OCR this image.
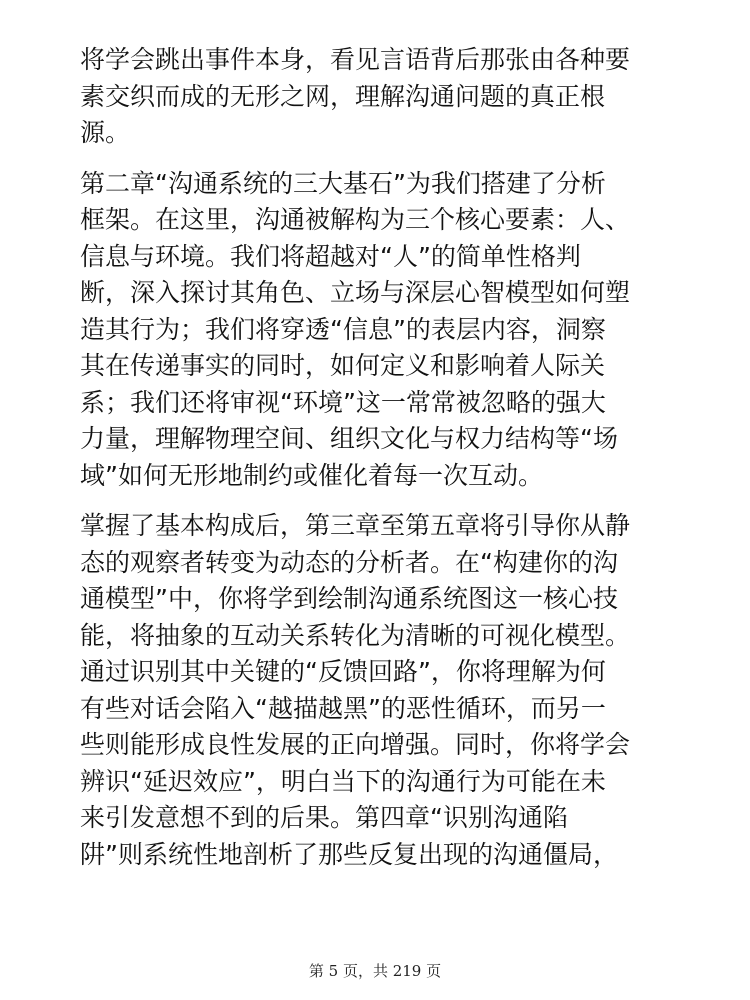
将学会跳出事件本身，看见言语背后那张由各种要
素交织而成的无形之网，理解沟通问题的真正根
源。

第二章“沟通系统的三大基石”为我们搭建了分析
框架。在这里，沟通被解构为三个核心要素：人、
信息与环境。我们将超越对“人”的简单性格判
断，深入探讨其角色、立场与深层心智模型如何塑
造其行为；我们将穿透“信息”的表层内容，洞察
其在传递事实的同时，如何定义和影响着人际关
系；我们还将审视“环境”这一常常被忽略的强大
力量，理解物理空间、组织文化与权力结构等“场
域”如何无形地制约或催化着每一次互动。

掌握了基本构成后，第三章至第五章将引导你从静
态的观察者转变为动态的分析者。在“构建你的沟
通模型”中，你将学到绘制沟通系统图这一核心技
能，将抽象的互动关系转化为清晰的可视化模型。
通过识别其中关键的“反馈回路”，你将理解为何
有些对话会陷入“越描越黑”的恶性循环，而另一
些则能形成良性发展的正向增强。同时，你将学会
辨识“延迟效应”，明白当下的沟通行为可能在未
来引发意想不到的后果。第四章“识别沟通陷
阱”则系统性地剖析了那些反复出现的沟通僵局，

第 5 页，共 219 页
